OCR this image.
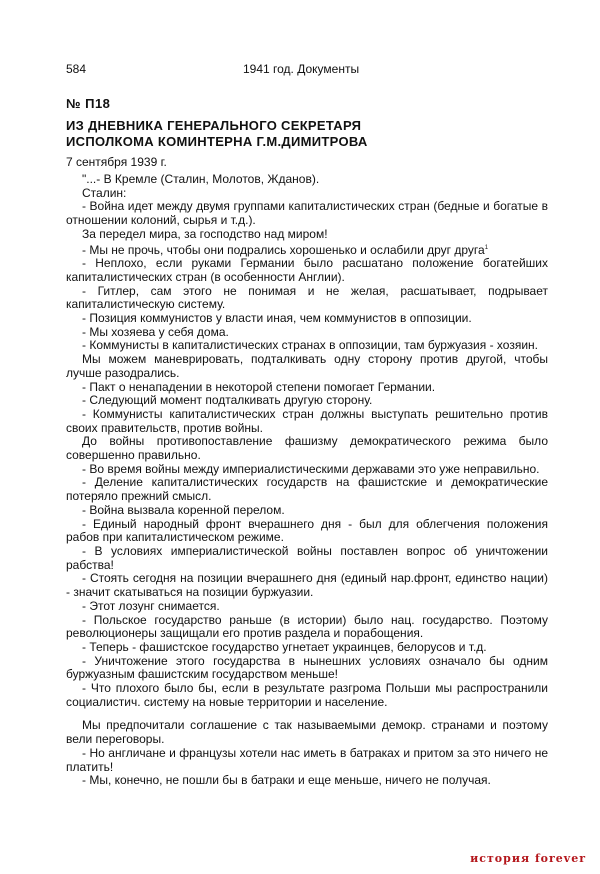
584	1941 год. Документы
№ П18
ИЗ ДНЕВНИКА ГЕНЕРАЛЬНОГО СЕКРЕТАРЯ
ИСПОЛКОМА КОМИНТЕРНА Г.М.ДИМИТРОВА
7 сентября 1939 г.

"...- В Кремле (Сталин, Молотов, Жданов).

Сталин:

- Война идет между двумя группами капиталистических стран (бедные и богатые в отношении колоний, сырья и т.д.).

За передел мира, за господство над миром!

- Мы не прочь, чтобы они подрались хорошенько и ослабили друг друга$^1$

- Неплохо, если руками Германии было расшатано положение богатейших капиталистических стран (в особенности Англии).

- Гитлер, сам этого не понимая и не желая, расшатывает, подрывает капиталистическую систему.

- Позиция коммунистов у власти иная, чем коммунистов в оппозиции.

- Мы хозяева у себя дома.

- Коммунисты в капиталистических странах в оппозиции, там буржуазия - хозяин.

Мы можем маневрировать, подталкивать одну сторону против другой, чтобы лучше разодрались.

- Пакт о ненападении в некоторой степени помогает Германии.

- Следующий момент подталкивать другую сторону.

- Коммунисты капиталистических стран должны выступать решительно против своих правительств, против войны.

До войны противопоставление фашизму демократического режима было совершенно правильно.

- Во время войны между империалистическими державами это уже неправильно.

- Деление капиталистических государств на фашистские и демократические потеряло прежний смысл.

- Война вызвала коренной перелом.

- Единый народный фронт вчерашнего дня - был для облегчения положения рабов при капиталистическом режиме.

- В условиях империалистической войны поставлен вопрос об уничтожении рабства!

- Стоять сегодня на позиции вчерашнего дня (единый нар.фронт, единство нации) - значит скатываться на позиции буржуазии.

- Этот лозунг снимается.

- Польское государство раньше (в истории) было нац. государство. Поэтому революционеры защищали его против раздела и порабощения.

- Теперь - фашистское государство угнетает украинцев, белорусов и т.д.

- Уничтожение этого государства в нынешних условиях означало бы одним буржуазным фашистским государством меньше!

- Что плохого было бы, если в результате разгрома Польши мы распространили социалистич. систему на новые территории и население.

Мы предпочитали соглашение с так называемыми демокр. странами и поэтому вели переговоры.

- Но англичане и французы хотели нас иметь в батраках и притом за это ничего не платить!

- Мы, конечно, не пошли бы в батраки и еще меньше, ничего не получая.

история forever
